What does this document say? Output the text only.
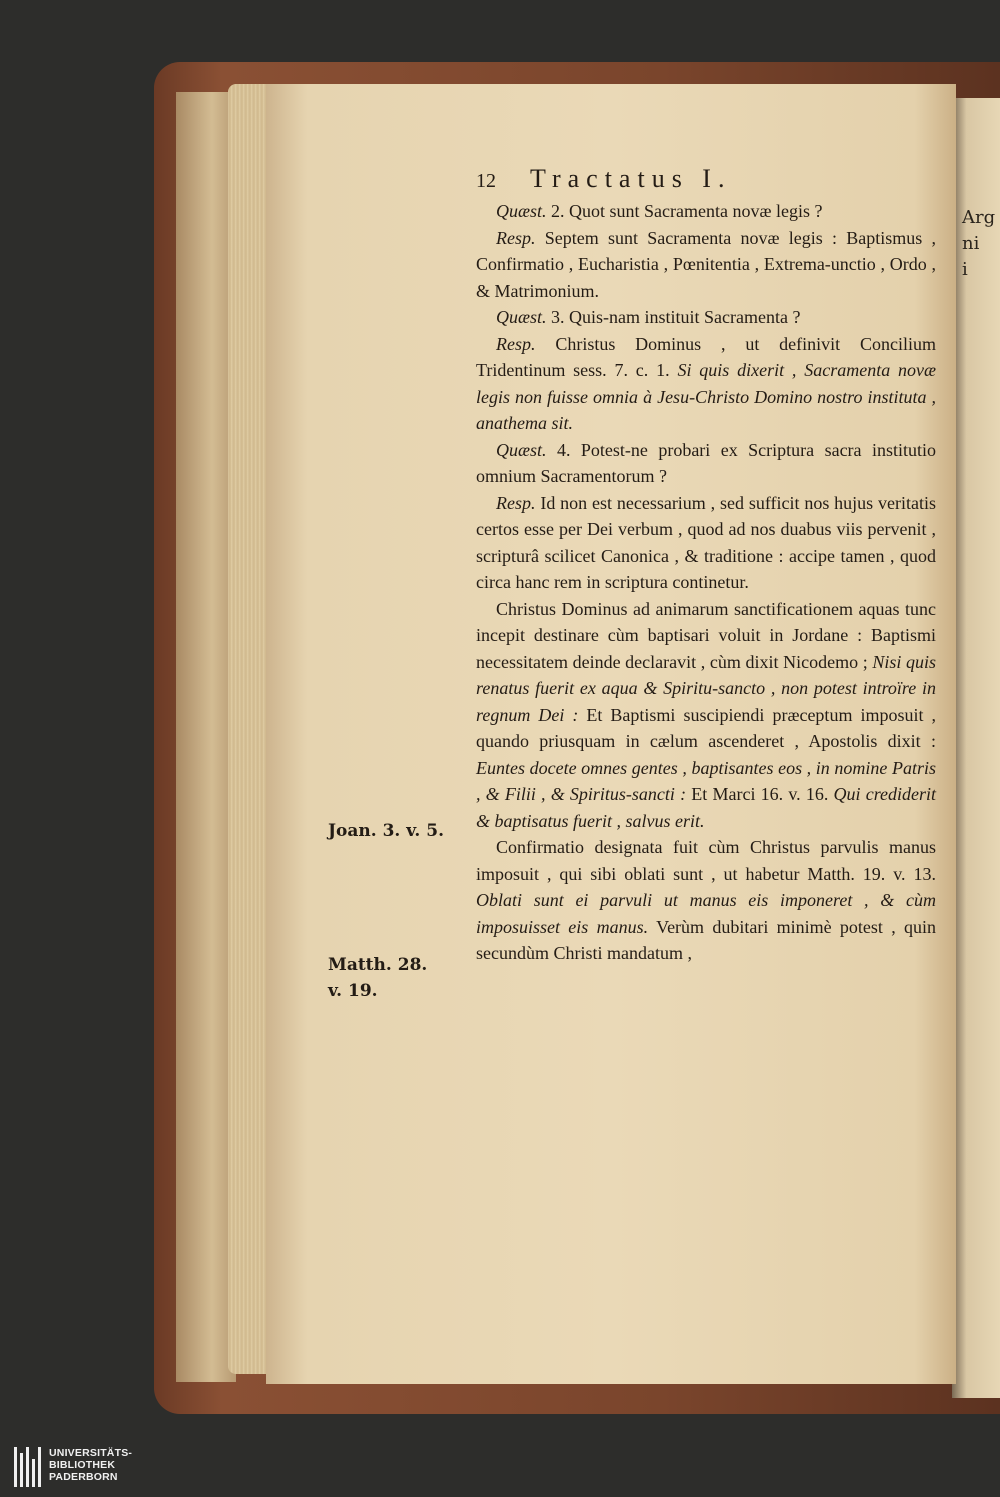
Arg
ni
i
Joan. 3. v. 5.
Matth. 28.
v. 19.
12 Tractatus I.

Quæst. 2. Quot sunt Sacramenta novæ legis ?

Resp. Septem sunt Sacramenta novæ legis : Baptismus , Confirmatio , Eucharistia , Pœnitentia , Extrema-unctio , Ordo , & Matrimonium.

Quæst. 3. Quis-nam instituit Sacramenta ?

Resp. Christus Dominus , ut definivit Concilium Tridentinum sess. 7. c. 1. Si quis dixerit , Sacramenta novæ legis non fuisse omnia à Jesu-Christo Domino nostro instituta , anathema sit.

Quæst. 4. Potest-ne probari ex Scriptura sacra institutio omnium Sacramentorum ?

Resp. Id non est necessarium , sed sufficit nos hujus veritatis certos esse per Dei verbum , quod ad nos duabus viis pervenit , scripturâ scilicet Canonica , & traditione : accipe tamen , quod circa hanc rem in scriptura continetur.

Christus Dominus ad animarum sanctificationem aquas tunc incepit destinare cùm baptisari voluit in Jordane : Baptismi necessitatem deinde declaravit , cùm dixit Nicodemo ; Nisi quis renatus fuerit ex aqua & Spiritu-sancto , non potest introïre in regnum Dei : Et Baptismi suscipiendi præceptum imposuit , quando priusquam in cælum ascenderet , Apostolis dixit : Euntes docete omnes gentes , baptisantes eos , in nomine Patris , & Filii , & Spiritus-sancti : Et Marci 16. v. 16. Qui crediderit & baptisatus fuerit , salvus erit.

Confirmatio designata fuit cùm Christus parvulis manus imposuit , qui sibi oblati sunt , ut habetur Matth. 19. v. 13. Oblati sunt ei parvuli ut manus eis imponeret , & cùm imposuisset eis manus. Verùm dubitari minimè potest , quin secundùm Christi mandatum ,

UNIVERSITÄTS-
BIBLIOTHEK
PADERBORN
